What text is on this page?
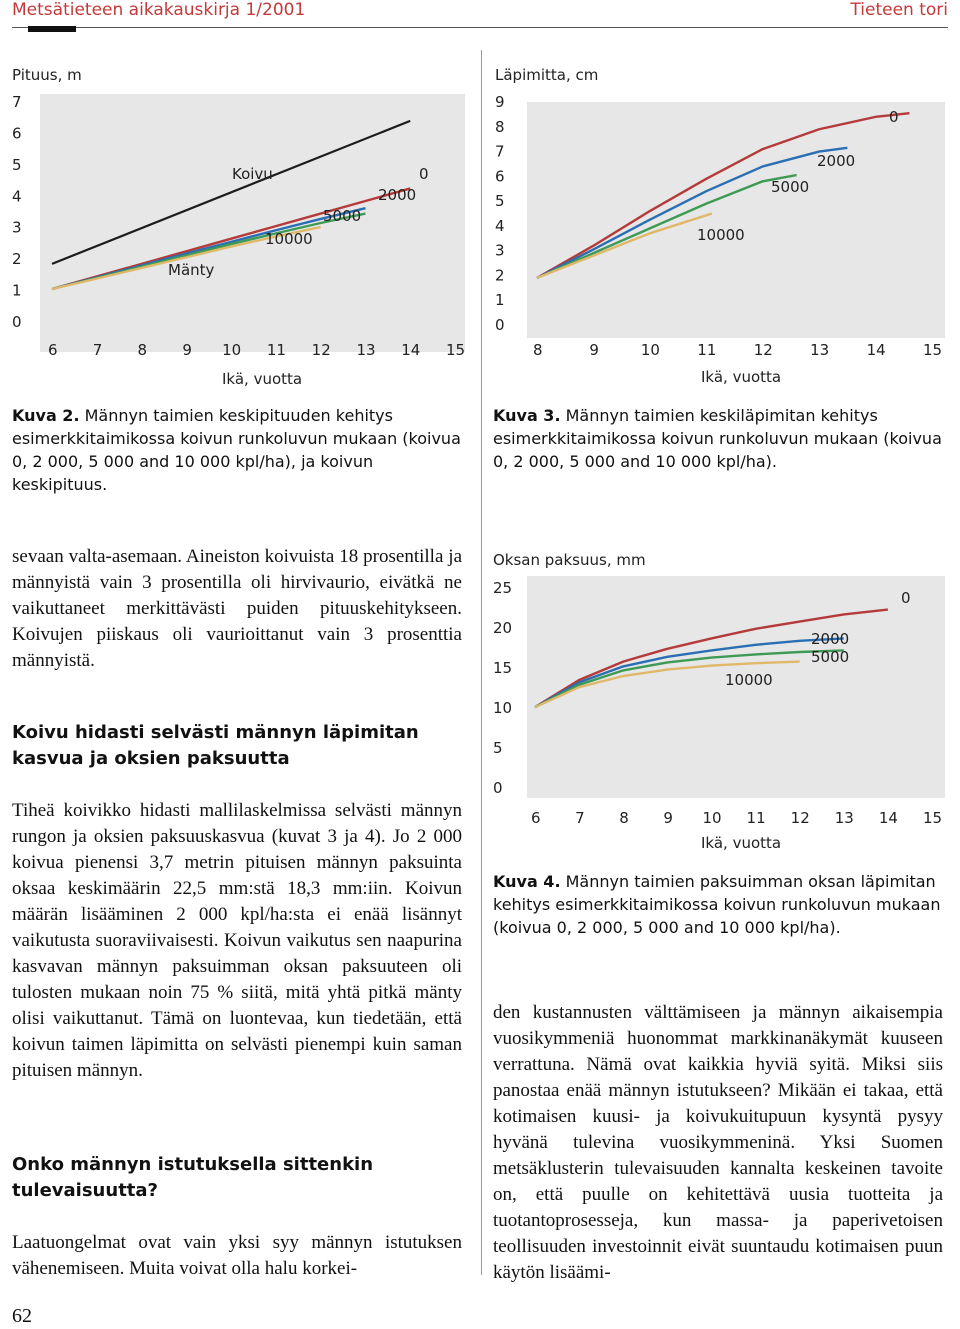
Metsätieteen aikakauskirja 1/2001	Tieteen tori
Pituus, m
0
1
2
3
4
5
6
7
6 7 8 9 10 11 12 13 14 15
Koivu
Mänty
0
2000
5000
10000
Ikä, vuotta
Läpimitta, cm
0
1
2
3
4
5
6
7
8
9
8	9	10 11 12 13 14 15
0
2000
5000
10000
Ikä, vuotta
Kuva 2. Männyn taimien keskipituuden kehitys esimerkkitaimikossa koivun runkoluvun mukaan (koivua 0, 2 000, 5 000 and 10 000 kpl/ha), ja koivun keskipituus.
Kuva 3. Männyn taimien keskiläpimitan kehitys esimerkkitaimikossa koivun runkoluvun mukaan (koivua 0, 2 000, 5 000 and 10 000 kpl/ha).
sevaan valta-asemaan. Aineiston koivuista 18 prosentilla ja männyistä vain 3 prosentilla oli hirvivaurio, eivätkä ne vaikuttaneet merkittävästi puiden pituuskehitykseen. Koivujen piiskaus oli vaurioittanut vain 3 prosenttia männyistä.
Koivu hidasti selvästi männyn läpimitan kasvua ja oksien paksuutta
Tiheä koivikko hidasti mallilaskelmissa selvästi männyn rungon ja oksien paksuuskasvua (kuvat 3 ja 4). Jo 2 000 koivua pienensi 3,7 metrin pituisen männyn paksuinta oksaa keskimäärin 22,5 mm:stä 18,3 mm:iin. Koivun määrän lisääminen 2 000 kpl/ha:sta ei enää lisännyt vaikutusta suoraviivaisesti. Koivun vaikutus sen naapurina kasvavan männyn paksuimman oksan paksuuteen oli tulosten mukaan noin 75 % siitä, mitä yhtä pitkä mänty olisi vaikuttanut. Tämä on luontevaa, kun tiedetään, että koivun taimen läpimitta on selvästi pienempi kuin saman pituisen männyn.
Onko männyn istutuksella sittenkin tulevaisuutta?
Laatuongelmat ovat vain yksi syy männyn istutuksen vähenemiseen. Muita voivat olla halu korkei-
Oksan paksuus, mm
0
5
10
15
20
25
6 7 8 9 10 11 12 13 14 15
0
2000
5000
10000
Ikä, vuotta
Kuva 4. Männyn taimien paksuimman oksan läpimitan kehitys esimerkkitaimikossa koivun runkoluvun mukaan (koivua 0, 2 000, 5 000 and 10 000 kpl/ha).
den kustannusten välttämiseen ja männyn aikaisempia vuosikymmeniä huonommat markkinanäkymät kuuseen verrattuna. Nämä ovat kaikkia hyviä syitä. Miksi siis panostaa enää männyn istutukseen? Mikään ei takaa, että kotimaisen kuusi- ja koivukuitupuun kysyntä pysyy hyvänä tulevina vuosikymmeninä. Yksi Suomen metsäklusterin tulevaisuuden kannalta keskeinen tavoite on, että puulle on kehitettävä uusia tuotteita ja tuotantoprosesseja, kun massa- ja paperivetoisen teollisuuden investoinnit eivät suuntaudu kotimaisen puun käytön lisäämi-
62
